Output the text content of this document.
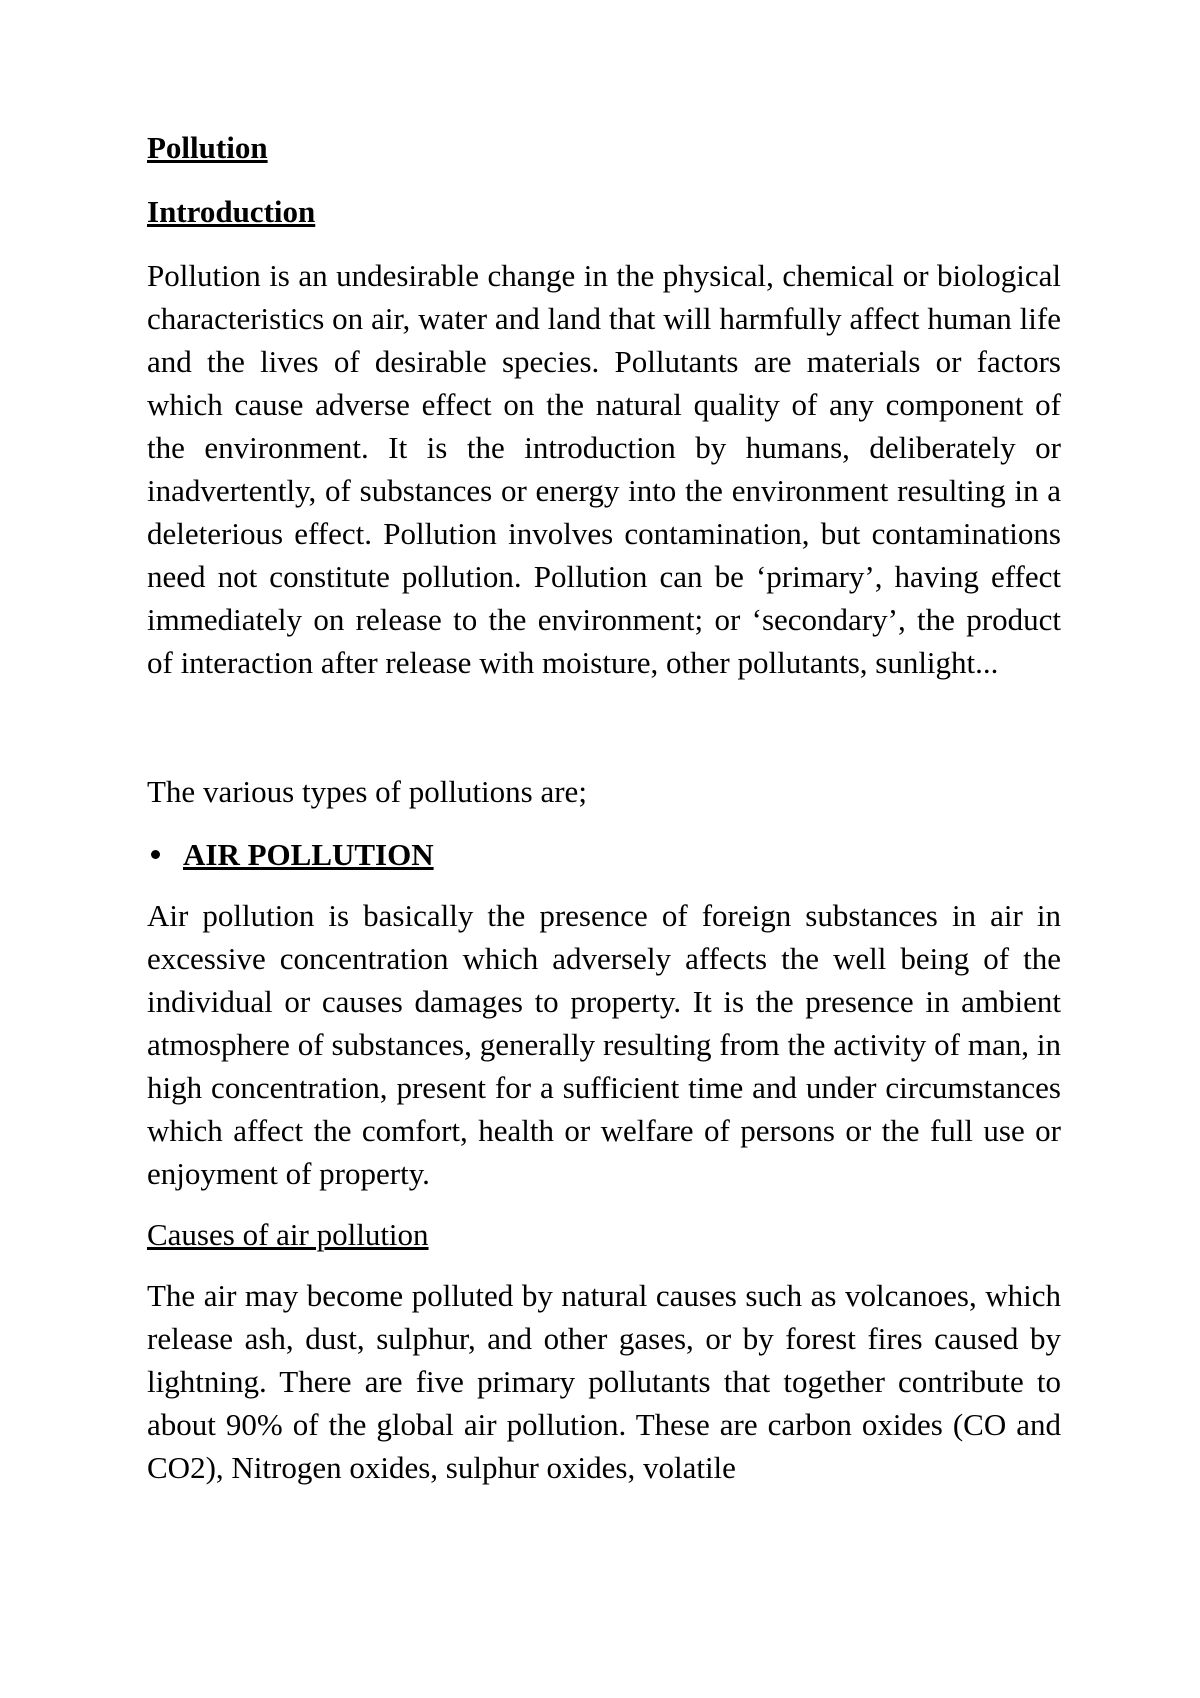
Pollution

Introduction

Pollution is an undesirable change in the physical, chemical or biological characteristics on air, water and land that will harmfully affect human life and the lives of desirable species. Pollutants are materials or factors which cause adverse effect on the natural quality of any component of the environment. It is the introduction by humans, deliberately or inadvertently, of substances or energy into the environment resulting in a deleterious effect. Pollution involves contamination, but contaminations need not constitute pollution. Pollution can be ‘primary’, having effect immediately on release to the environment; or ‘secondary’, the product of interaction after release with moisture, other pollutants, sunlight...

The various types of pollutions are;

AIR POLLUTION

Air pollution is basically the presence of foreign substances in air in excessive concentration which adversely affects the well being of the individual or causes damages to property. It is the presence in ambient atmosphere of substances, generally resulting from the activity of man, in high concentration, present for a sufficient time and under circumstances which affect the comfort, health or welfare of persons or the full use or enjoyment of property.

Causes of air pollution

The air may become polluted by natural causes such as volcanoes, which release ash, dust, sulphur, and other gases, or by forest fires caused by lightning. There are five primary pollutants that together contribute to about 90% of the global air pollution. These are carbon oxides (CO and CO2), Nitrogen oxides, sulphur oxides, volatile
